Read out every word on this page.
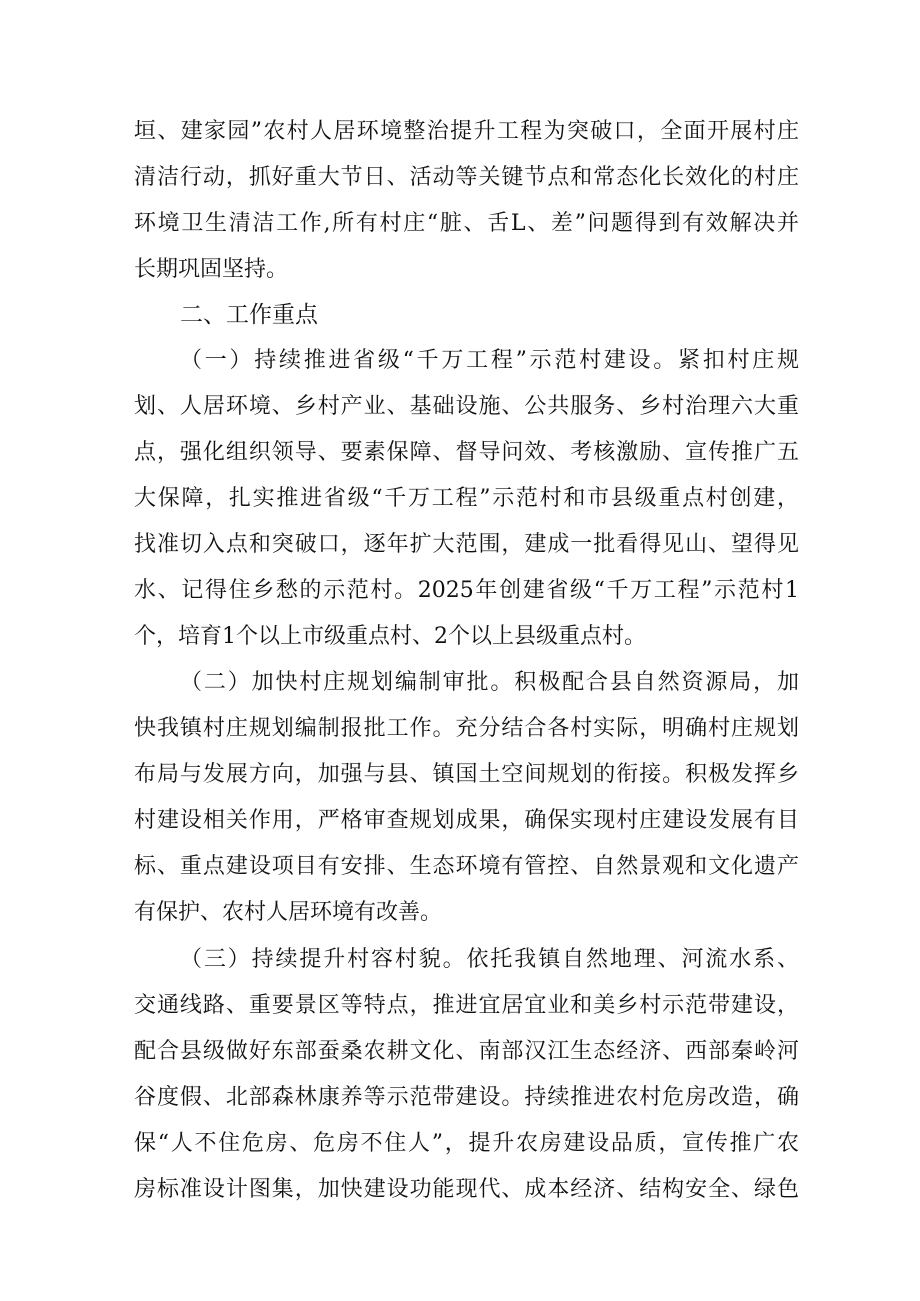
垣、建家园”农村人居环境整治提升工程为突破口，全面开展村庄
清洁行动，抓好重大节日、活动等关键节点和常态化长效化的村庄
环境卫生清洁工作,所有村庄“脏、舌L、差”问题得到有效解决并
长期巩固坚持。
二、工作重点
（一）持续推进省级“千万工程”示范村建设。紧扣村庄规
划、人居环境、乡村产业、基础设施、公共服务、乡村治理六大重
点，强化组织领导、要素保障、督导问效、考核激励、宣传推广五
大保障，扎实推进省级“千万工程”示范村和市县级重点村创建，
找准切入点和突破口，逐年扩大范围，建成一批看得见山、望得见
水、记得住乡愁的示范村。2025年创建省级“千万工程”示范村1
个，培育1个以上市级重点村、2个以上县级重点村。
（二）加快村庄规划编制审批。积极配合县自然资源局，加
快我镇村庄规划编制报批工作。充分结合各村实际，明确村庄规划
布局与发展方向，加强与县、镇国土空间规划的衔接。积极发挥乡
村建设相关作用，严格审查规划成果，确保实现村庄建设发展有目
标、重点建设项目有安排、生态环境有管控、自然景观和文化遗产
有保护、农村人居环境有改善。
（三）持续提升村容村貌。依托我镇自然地理、河流水系、
交通线路、重要景区等特点，推进宜居宜业和美乡村示范带建设，
配合县级做好东部蚕桑农耕文化、南部汉江生态经济、西部秦岭河
谷度假、北部森林康养等示范带建设。持续推进农村危房改造，确
保“人不住危房、危房不住人”，提升农房建设品质，宣传推广农
房标准设计图集，加快建设功能现代、成本经济、结构安全、绿色
